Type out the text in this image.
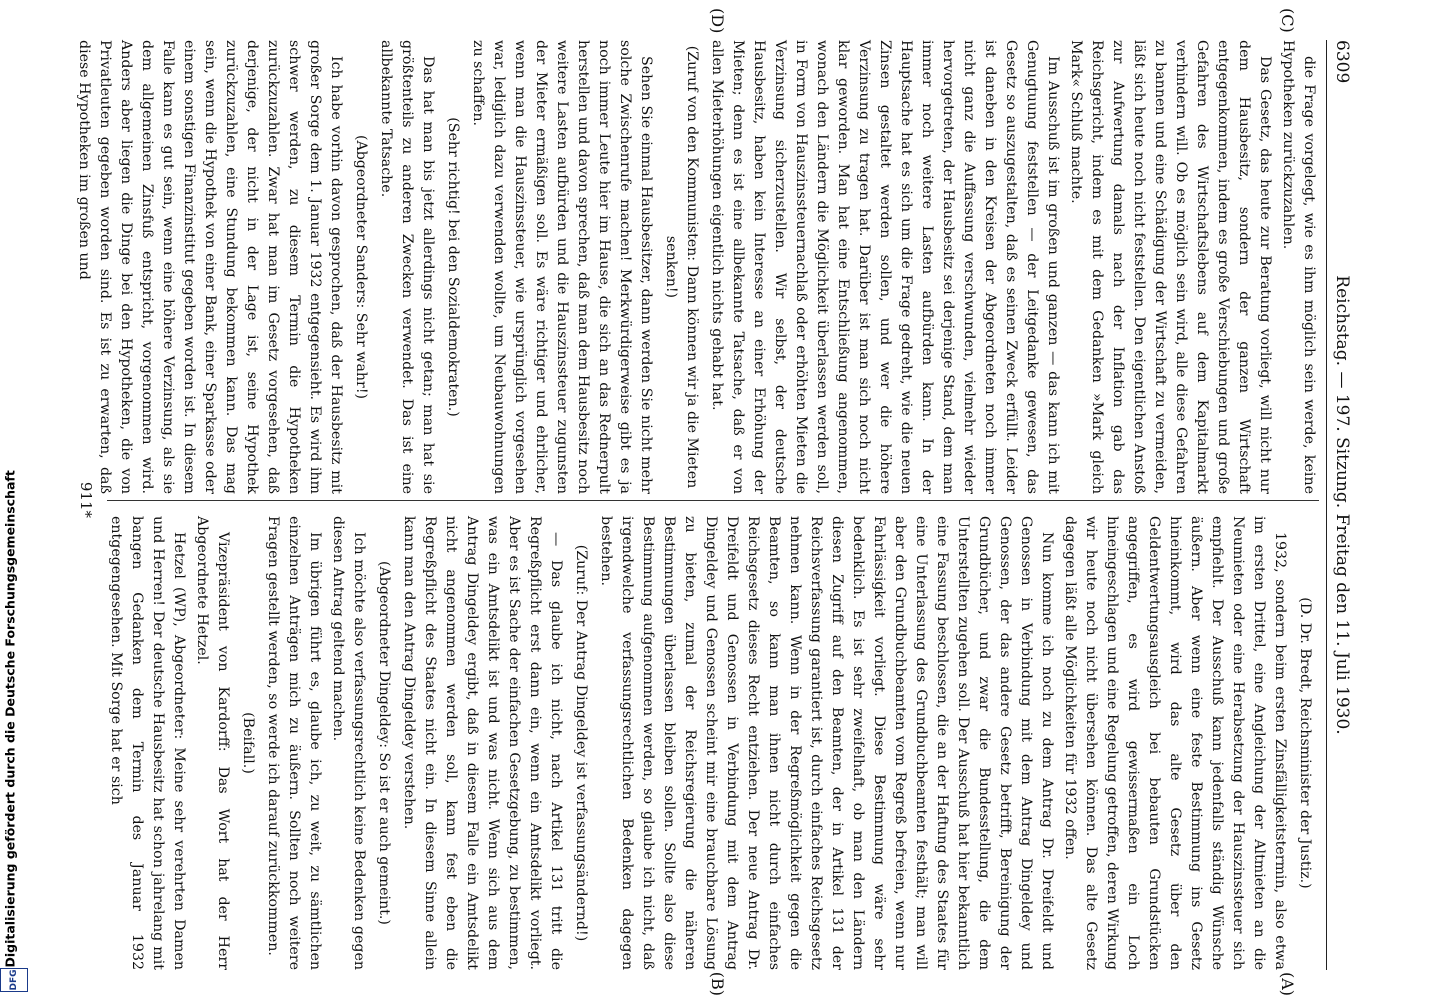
6309
Reichstag. — 197. Sitzung. Freitag den 11. Juli 1930.

die Frage vorgelegt, wie es ihm möglich sein werde, keine Hypotheken zurückzuzahlen.

Das Gesetz, das heute zur Beratung vorliegt, will nicht nur dem Hausbesitz, sondern der ganzen Wirtschaft entgegenkommen, indem es große Verschiebungen und große Gefahren des Wirtschaftslebens auf dem Kapitalmarkt verhindern will. Ob es möglich sein wird, alle diese Gefahren zu bannen und eine Schädigung der Wirtschaft zu vermeiden, läßt sich heute noch nicht feststellen. Den eigentlichen Anstoß zur Aufwertung damals nach der Inflation gab das Reichsgericht, indem es mit dem Gedanken »Mark gleich Mark« Schluß machte.

Im Ausschuß ist im großen und ganzen — das kann ich mit Genugtuung feststellen — der Leitgedanke gewesen, das Gesetz so auszugestalten, daß es seinen Zweck erfüllt. Leider ist daneben in den Kreisen der Abgeordneten noch immer nicht ganz die Auffassung verschwunden, vielmehr wieder hervorgetreten, der Hausbesitz sei derjenige Stand, dem man immer noch weitere Lasten aufbürden kann. In der Hauptsache hat es sich um die Frage gedreht, wie die neuen Zinsen gestaltet werden sollen, und wer die höhere Verzinsung zu tragen hat. Darüber ist man sich noch nicht klar geworden. Man hat eine Entschließung angenommen, wonach den Ländern die Möglichkeit überlassen werden soll, in Form von Hauszinssteuernachlaß oder erhöhten Mieten die Verzinsung sicherzustellen. Wir selbst, der deutsche Hausbesitz, haben kein Interesse an einer Erhöhung der Mieten; denn es ist eine allbekannte Tatsache, daß er von allen Mieterhöhungen eigentlich nichts gehabt hat.

(Zuruf von den Kommunisten: Dann können wir ja die Mieten senken!)

Sehen Sie einmal Hausbesitzer, dann werden Sie nicht mehr solche Zwischenrufe machen! Merkwürdigerweise gibt es ja noch immer Leute hier im Hause, die sich an das Rednerpult herstellen und davon sprechen, daß man dem Hausbesitz noch weitere Lasten aufbürden und die Hauszinssteuer zugunsten der Mieter ermäßigen soll. Es wäre richtiger und ehrlicher, wenn man die Hauszinssteuer, wie ursprünglich vorgesehen war, lediglich dazu verwenden wollte, um Neubauwohnungen zu schaffen.

(Sehr richtig! bei den Sozialdemokraten.)

Das hat man bis jetzt allerdings nicht getan; man hat sie größtenteils zu anderen Zwecken verwendet. Das ist eine allbekannte Tatsache.

(Abgeordneter Sanders: Sehr wahr!)

Ich habe vorhin davon gesprochen, daß der Hausbesitz mit großer Sorge dem 1. Januar 1932 entgegensieht. Es wird ihm schwer werden, zu diesem Termin die Hypotheken zurückzuzahlen. Zwar hat man im Gesetz vorgesehen, daß derjenige, der nicht in der Lage ist, seine Hypothek zurückzuzahlen, eine Stundung bekommen kann. Das mag sein, wenn die Hypothek von einer Bank, einer Sparkasse oder einem sonstigen Finanzinstitut gegeben worden ist. In diesem Falle kann es gut sein, wenn eine höhere Verzinsung, als sie dem allgemeinen Zinsfuß entspricht, vorgenommen wird. Anders aber liegen die Dinge bei den Hypotheken, die von Privatleuten gegeben worden sind. Es ist zu erwarten, daß diese Hypotheken im großen und

(D. Dr. Bredt, Reichsminister der Justiz.)

1932, sondern beim ersten Zinsfälligkeitstermin, also etwa im ersten Drittel, eine Angleichung der Altmieten an die Neumieten oder eine Herabsetzung der Hauszinssteuer sich empfiehlt. Der Ausschuß kann jedenfalls ständig Wünsche äußern. Aber wenn eine feste Bestimmung ins Gesetz hineinkommt, wird das alte Gesetz über den Geldentwertungsausgleich bei bebauten Grundstücken angegriffen, es wird gewissermaßen ein Loch hineingeschlagen und eine Regelung getroffen, deren Wirkung wir heute noch nicht übersehen können. Das alte Gesetz dagegen läßt alle Möglichkeiten für 1932 offen.

Nun komme ich noch zu dem Antrag Dr. Dreifeldt und Genossen in Verbindung mit dem Antrag Dingeldey und Genossen, der das andere Gesetz betrifft, Bereinigung der Grundbücher, und zwar die Bundesstellung, die dem Unterstellten zugehen soll. Der Ausschuß hat hier bekanntlich eine Fassung beschlossen, die an der Haftung des Staates für eine Unterlassung des Grundbuchbeamten festhält; man will aber den Grundbuchbeamten vom Regreß befreien, wenn nur Fahrlässigkeit vorliegt. Diese Bestimmung wäre sehr bedenklich. Es ist sehr zweifelhaft, ob man den Ländern diesen Zugriff auf den Beamten, der in Artikel 131 der Reichsverfassung garantiert ist, durch einfaches Reichsgesetz nehmen kann. Wenn in der Regreßmöglichkeit gegen die Beamten, so kann man ihnen nicht durch einfaches Reichsgesetz dieses Recht entziehen. Der neue Antrag Dr. Dreifeldt und Genossen in Verbindung mit dem Antrag Dingeldey und Genossen scheint mir eine brauchbare Lösung zu bieten, zumal der Reichsregierung die näheren Bestimmungen überlassen bleiben sollen. Sollte also diese Bestimmung aufgenommen werden, so glaube ich nicht, daß irgendwelche verfassungsrechtlichen Bedenken dagegen bestehen.

(Zuruf: Der Antrag Dingeldey ist verfassungsändernd!)

— Das glaube ich nicht, nach Artikel 131 tritt die Regreßpflicht erst dann ein, wenn ein Amtsdelikt vorliegt. Aber es ist Sache der einfachen Gesetzgebung, zu bestimmen, was ein Amtsdelikt ist und was nicht. Wenn sich aus dem Antrag Dingeldey ergibt, daß in diesem Falle ein Amtsdelikt nicht angenommen werden soll, kann fest eben die Regreßpflicht des Staates nicht ein. In diesem Sinne allein kann man den Antrag Dingeldey verstehen.

(Abgeordneter Dingeldey: So ist er auch gemeint.)

Ich möchte also verfassungsrechtlich keine Bedenken gegen diesen Antrag geltend machen.

Im übrigen führt es, glaube ich, zu weit, zu sämtlichen einzelnen Anträgen mich zu äußern. Sollten noch weitere Fragen gestellt werden, so werde ich darauf zurückkommen.

(Beifall.)

Vizepräsident von Kardorff: Das Wort hat der Herr Abgeordnete Hetzel.

Hetzel (WP), Abgeordneter: Meine sehr verehrten Damen und Herren! Der deutsche Hausbesitz hat schon jahrelang mit bangen Gedanken dem Termin des Januar 1932 entgegengesehen. Mit Sorge hat er sich

(C)
(D)
(A)
(B)
911*
Digitalisierung gefördert durch die Deutsche Forschungsgemeinschaft
DFG
